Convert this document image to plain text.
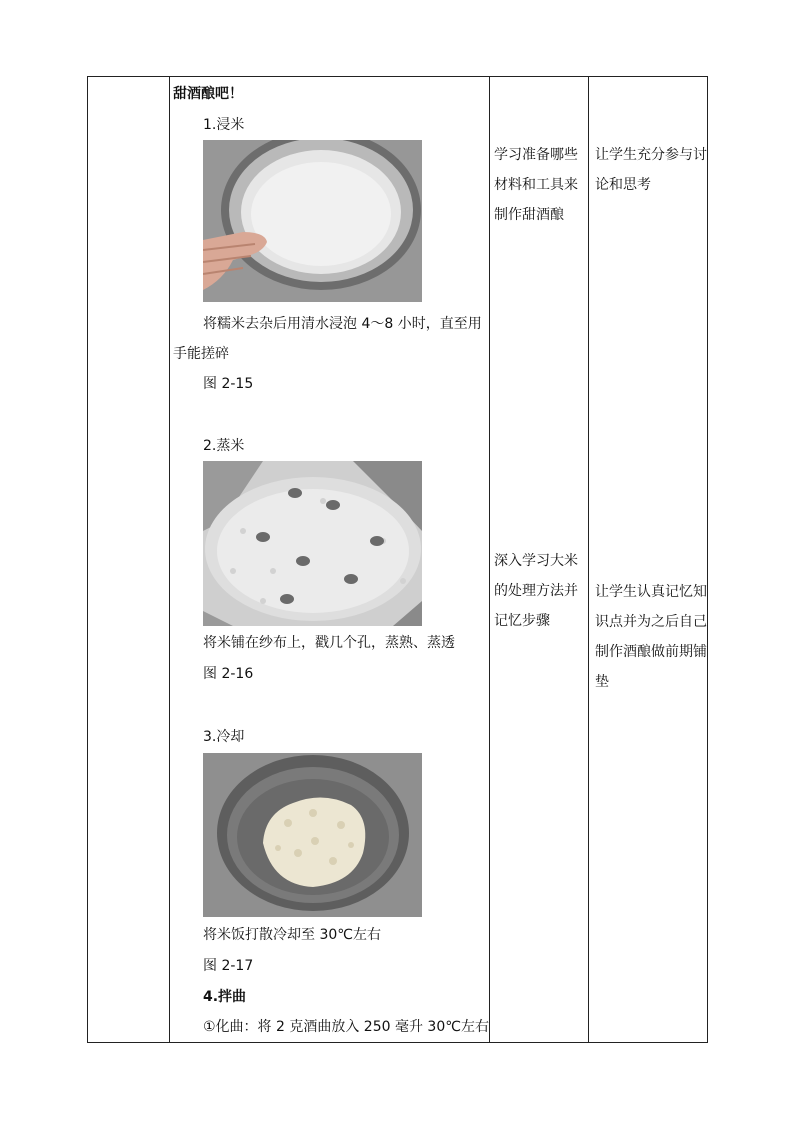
甜酒酿吧！
1.浸米
将糯米去杂后用清水浸泡 4～8 小时，直至用
手能搓碎
图 2-15
2.蒸米
将米铺在纱布上，戳几个孔，蒸熟、蒸透
图 2-16
3.冷却
将米饭打散冷却至 30℃左右
图 2-17
4.拌曲
①化曲：将 2 克酒曲放入 250 毫升 30℃左右
学习准备哪些材料和工具来制作甜酒酿
深入学习大米的处理方法并记忆步骤
让学生充分参与讨论和思考
让学生认真记忆知识点并为之后自己制作酒酿做前期铺垫
